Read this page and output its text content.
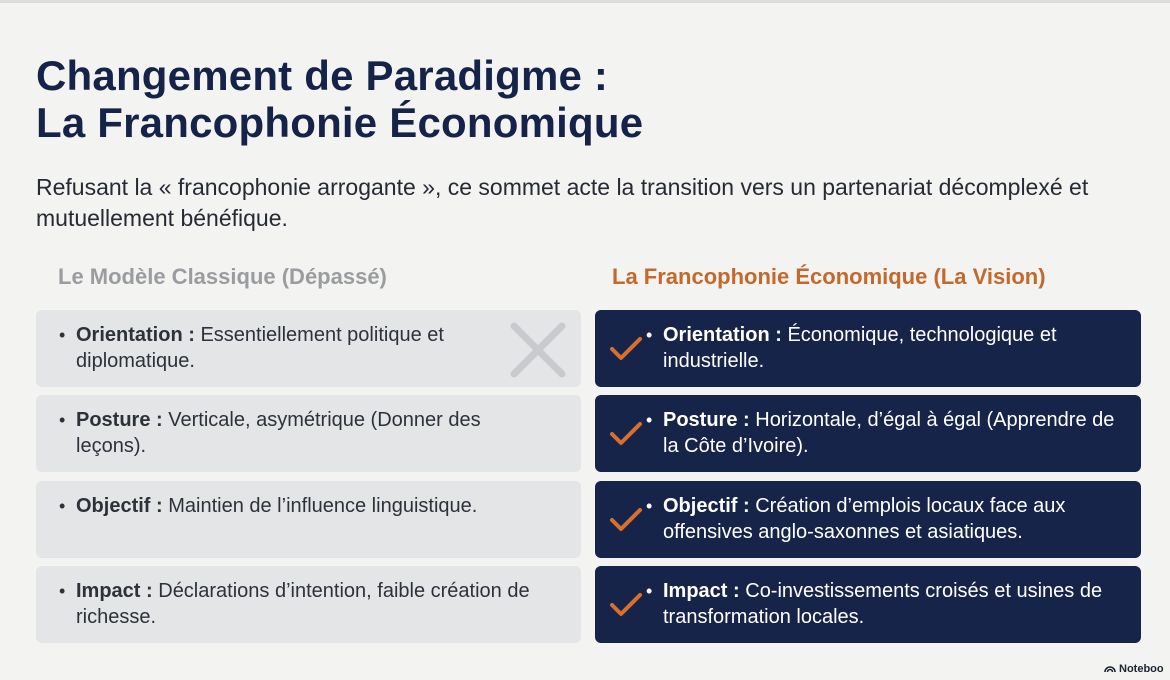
Changement de Paradigme :
La Francophonie Économique

Refusant la « francophonie arrogante », ce sommet acte la transition vers un partenariat décomplexé et mutuellement bénéfique.

Le Modèle Classique (Dépassé)	La Francophonie Économique (La Vision)
• Orientation : Essentiellement politique et diplomatique.
• Posture : Verticale, asymétrique (Donner des leçons).
• Objectif : Maintien de l’influence linguistique.
• Impact : Déclarations d’intention, faible création de richesse.
• Orientation : Économique, technologique et industrielle.
• Posture : Horizontale, d’égal à égal (Apprendre de la Côte d’Ivoire).
• Objectif : Création d’emplois locaux face aux offensives anglo-saxonnes et asiatiques.
• Impact : Co-investissements croisés et usines de transformation locales.
Noteboo
